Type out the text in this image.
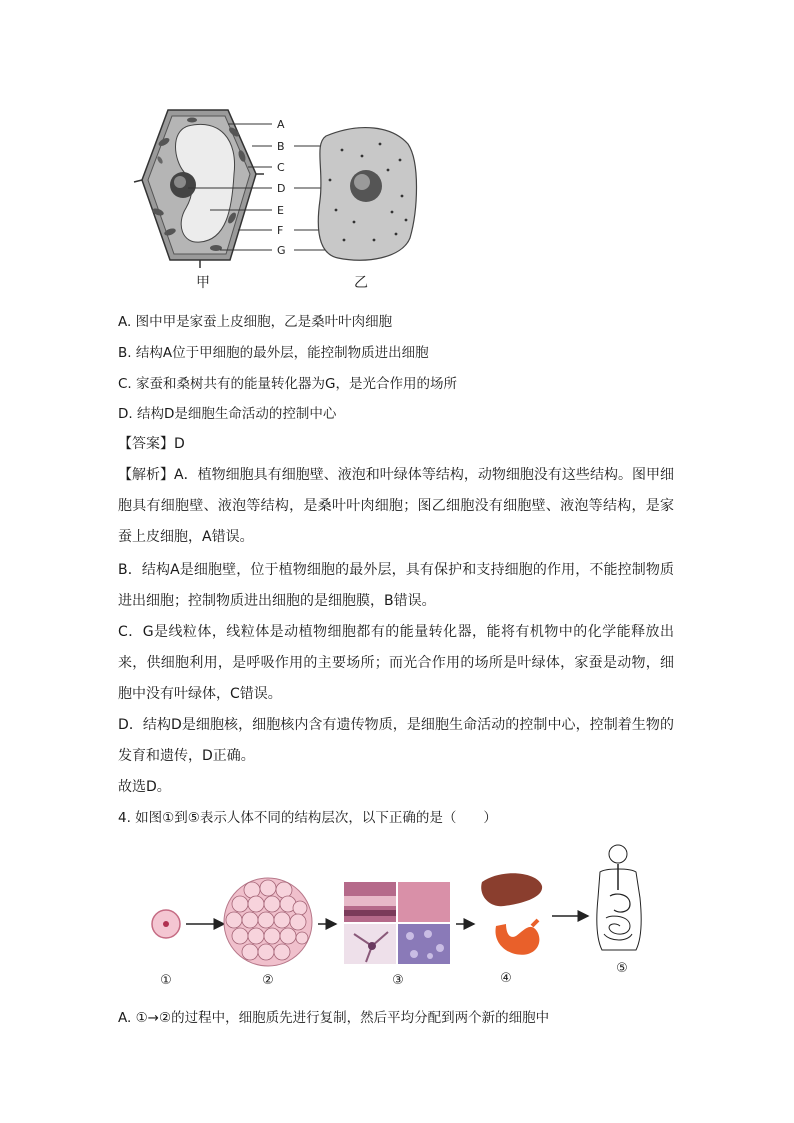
A
B
C
D
E
F
G
甲	乙
A. 图中甲是家蚕上皮细胞，乙是桑叶叶肉细胞
B. 结构A位于甲细胞的最外层，能控制物质进出细胞
C. 家蚕和桑树共有的能量转化器为G，是光合作用的场所
D. 结构D是细胞生命活动的控制中心
【答案】D
【解析】A．植物细胞具有细胞壁、液泡和叶绿体等结构，动物细胞没有这些结构。图甲细胞具有细胞壁、液泡等结构，是桑叶叶肉细胞；图乙细胞没有细胞壁、液泡等结构，是家蚕上皮细胞，A错误。
B．结构A是细胞壁，位于植物细胞的最外层，具有保护和支持细胞的作用，不能控制物质进出细胞；控制物质进出细胞的是细胞膜，B错误。
C．G是线粒体，线粒体是动植物细胞都有的能量转化器，能将有机物中的化学能释放出来，供细胞利用，是呼吸作用的主要场所；而光合作用的场所是叶绿体，家蚕是动物，细胞中没有叶绿体，C错误。
D．结构D是细胞核，细胞核内含有遗传物质，是细胞生命活动的控制中心，控制着生物的发育和遗传，D正确。
故选D。
4. 如图①到⑤表示人体不同的结构层次，以下正确的是（　　）
①	②	③	④
⑤
A. ①→②的过程中，细胞质先进行复制，然后平均分配到两个新的细胞中
